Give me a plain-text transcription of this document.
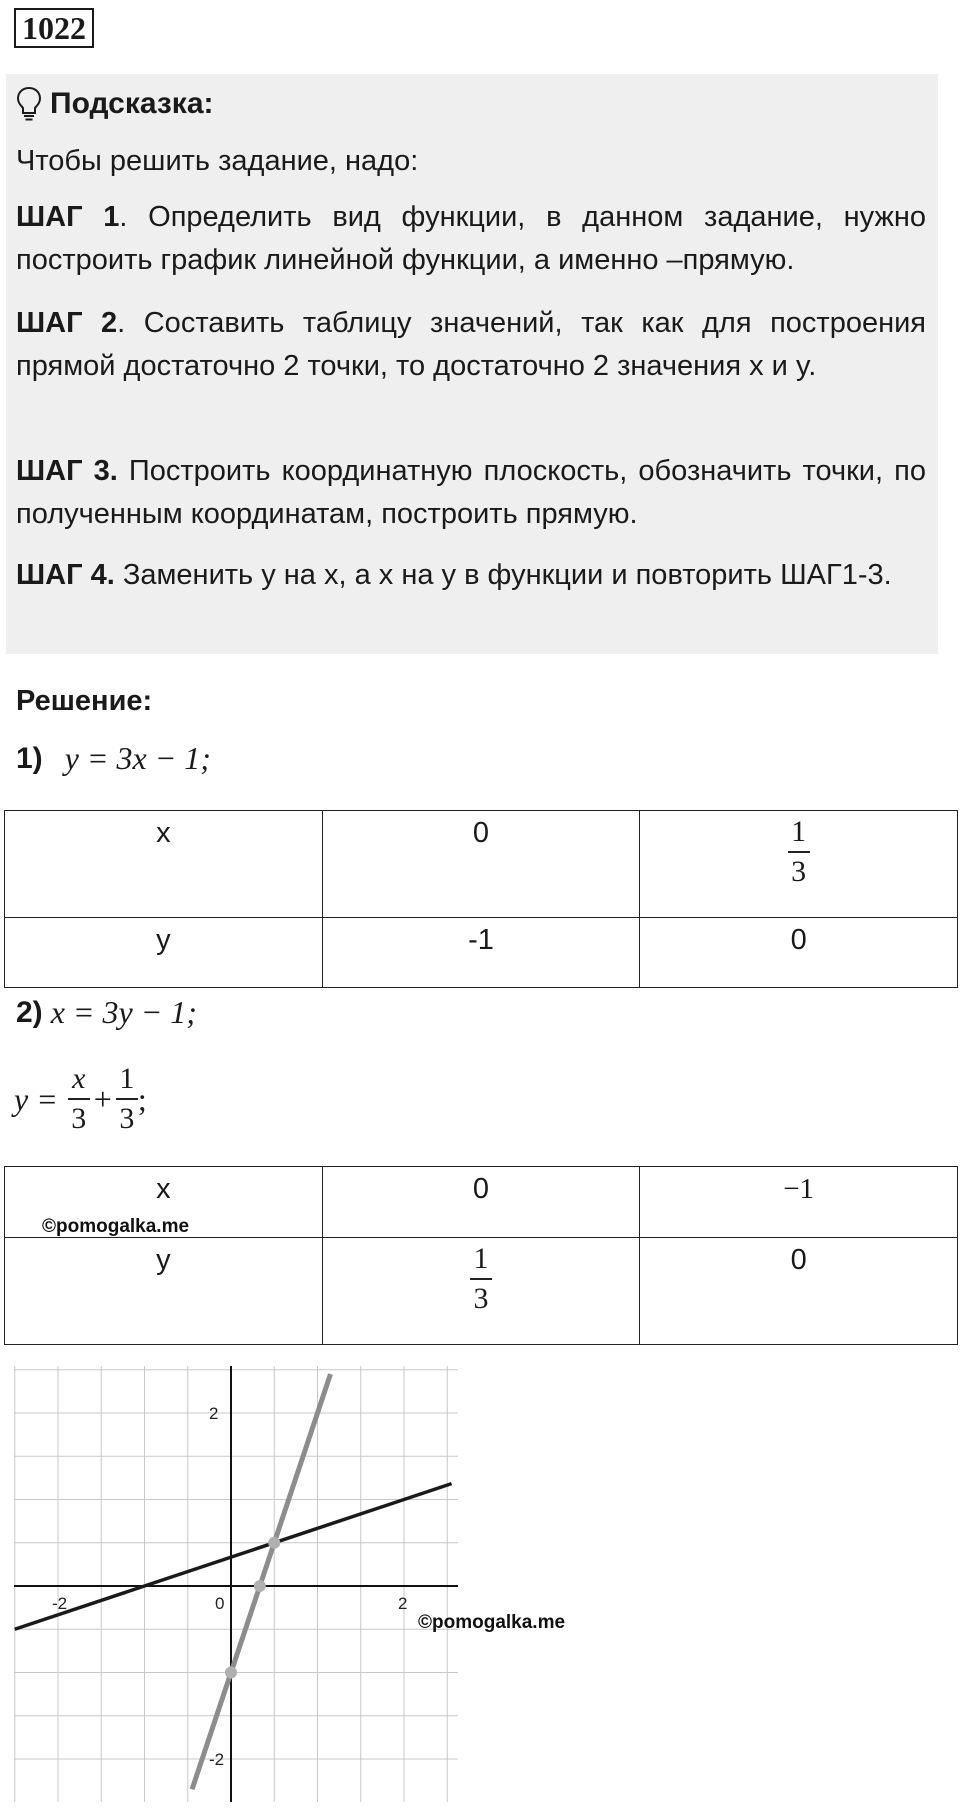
1022
Подсказка:
Чтобы решить задание, надо:
ШАГ 1. Определить вид функции, в данном задание, нужно построить график линейной функции, а именно –прямую.
ШАГ 2. Составить таблицу значений, так как для построения прямой достаточно 2 точки, то достаточно 2 значения x и y.
ШАГ 3. Построить координатную плоскость, обозначить точки, по полученным координатам, построить прямую.
ШАГ 4. Заменить y на x, а x на y в функции и повторить ШАГ1-3.
Решение:
1) y = 3x − 1;
x	0	$\frac{1}{3}$

y	-1	0
2) x = 3y − 1;
$y = \frac{x}{3} + \frac{1}{3}$ ;
x	0	−1
y	$\frac{1}{3}$	0
©pomogalka.me
-2	0	2
2
-2
©pomogalka.me
